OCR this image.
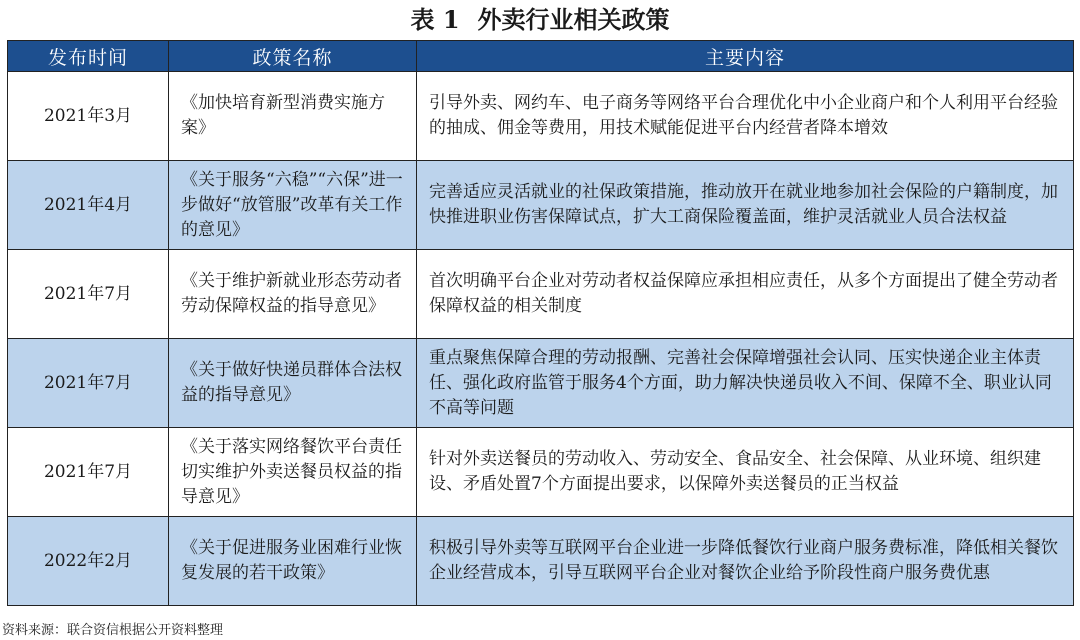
表 1 外卖行业相关政策
发布时间	政策名称	主要内容
2021年3月	《加快培育新型消费实施方案》	引导外卖、网约车、电子商务等网络平台合理优化中小企业商户和个人利用平台经验的抽成、佣金等费用，用技术赋能促进平台内经营者降本增效
2021年4月	《关于服务“六稳”“六保”进一步做好“放管服”改革有关工作的意见》	完善适应灵活就业的社保政策措施，推动放开在就业地参加社会保险的户籍制度，加快推进职业伤害保障试点，扩大工商保险覆盖面，维护灵活就业人员合法权益
2021年7月	《关于维护新就业形态劳动者劳动保障权益的指导意见》	首次明确平台企业对劳动者权益保障应承担相应责任，从多个方面提出了健全劳动者保障权益的相关制度
2021年7月	《关于做好快递员群体合法权益的指导意见》	重点聚焦保障合理的劳动报酬、完善社会保障增强社会认同、压实快递企业主体责任、强化政府监管于服务4个方面，助力解决快递员收入不间、保障不全、职业认同不高等问题
2021年7月	《关于落实网络餐饮平台责任切实维护外卖送餐员权益的指导意见》	针对外卖送餐员的劳动收入、劳动安全、食品安全、社会保障、从业环境、组织建设、矛盾处置7个方面提出要求，以保障外卖送餐员的正当权益
2022年2月	《关于促进服务业困难行业恢复发展的若干政策》	积极引导外卖等互联网平台企业进一步降低餐饮行业商户服务费标准，降低相关餐饮企业经营成本，引导互联网平台企业对餐饮企业给予阶段性商户服务费优惠
资料来源：联合资信根据公开资料整理
